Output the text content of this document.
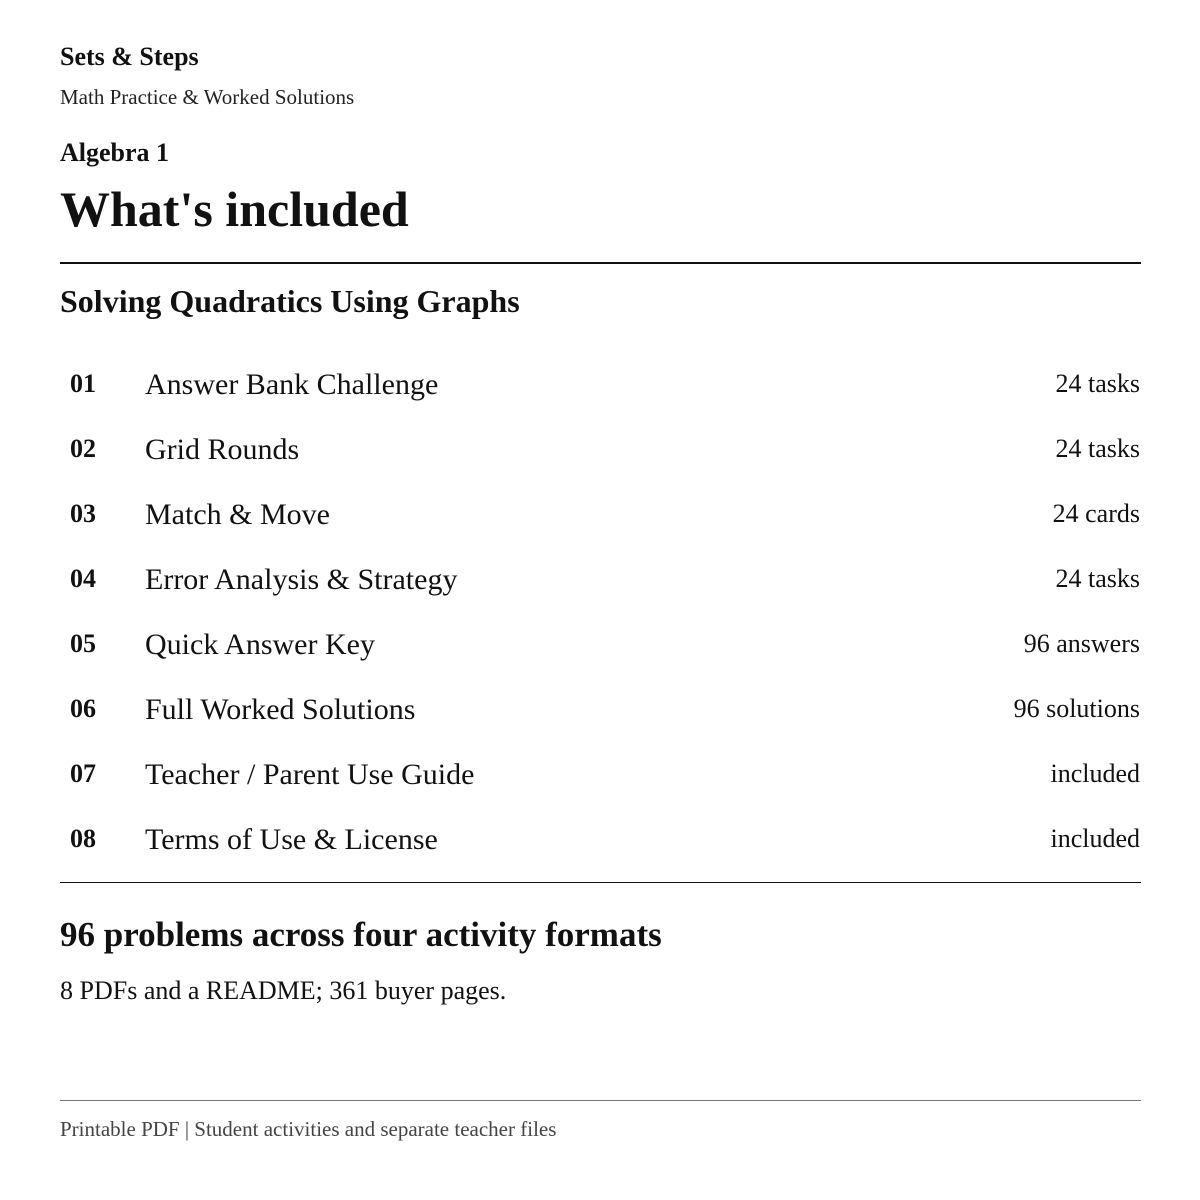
Sets & Steps
Math Practice & Worked Solutions
Algebra 1
What's included
Solving Quadratics Using Graphs
01 Answer Bank Challenge	24 tasks
02 Grid Rounds	24 tasks
03 Match & Move	24 cards
04 Error Analysis & Strategy	24 tasks
05 Quick Answer Key	96 answers
06 Full Worked Solutions	96 solutions
07 Teacher / Parent Use Guide	included
08 Terms of Use & License	included
96 problems across four activity formats
8 PDFs and a README; 361 buyer pages.
Printable PDF | Student activities and separate teacher files
